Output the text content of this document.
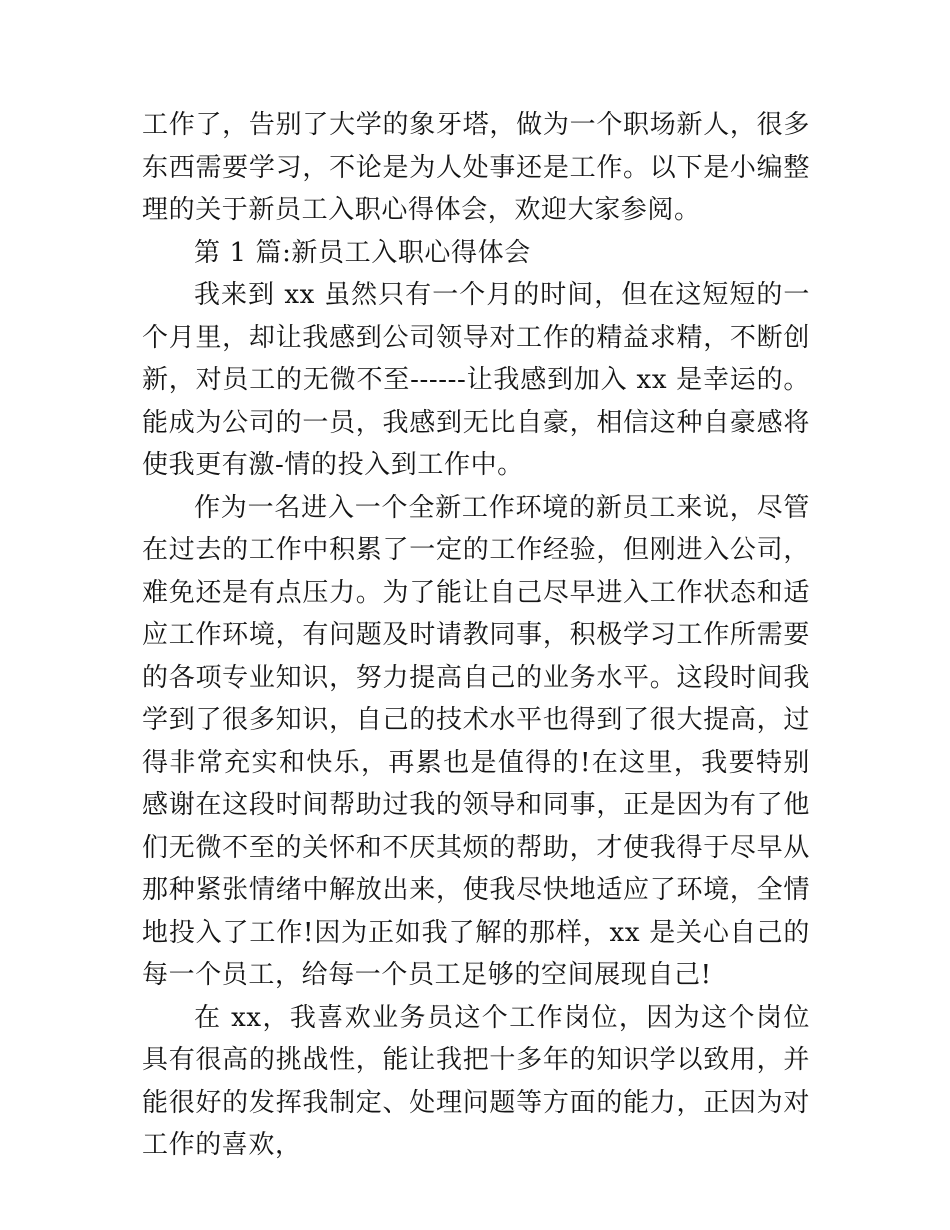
工作了，告别了大学的象牙塔，做为一个职场新人，很多东西需要学习，不论是为人处事还是工作。以下是小编整理的关于新员工入职心得体会，欢迎大家参阅。

第 1 篇:新员工入职心得体会

我来到 xx 虽然只有一个月的时间，但在这短短的一个月里，却让我感到公司领导对工作的精益求精，不断创新，对员工的无微不至------让我感到加入 xx 是幸运的。能成为公司的一员，我感到无比自豪，相信这种自豪感将使我更有激-情的投入到工作中。

作为一名进入一个全新工作环境的新员工来说，尽管在过去的工作中积累了一定的工作经验，但刚进入公司，难免还是有点压力。为了能让自己尽早进入工作状态和适应工作环境，有问题及时请教同事，积极学习工作所需要的各项专业知识，努力提高自己的业务水平。这段时间我学到了很多知识，自己的技术水平也得到了很大提高，过得非常充实和快乐，再累也是值得的!在这里，我要特别感谢在这段时间帮助过我的领导和同事，正是因为有了他们无微不至的关怀和不厌其烦的帮助，才使我得于尽早从那种紧张情绪中解放出来，使我尽快地适应了环境，全情地投入了工作!因为正如我了解的那样，xx 是关心自己的每一个员工，给每一个员工足够的空间展现自己!

在 xx，我喜欢业务员这个工作岗位，因为这个岗位具有很高的挑战性，能让我把十多年的知识学以致用，并能很好的发挥我制定、处理问题等方面的能力，正因为对工作的喜欢，
